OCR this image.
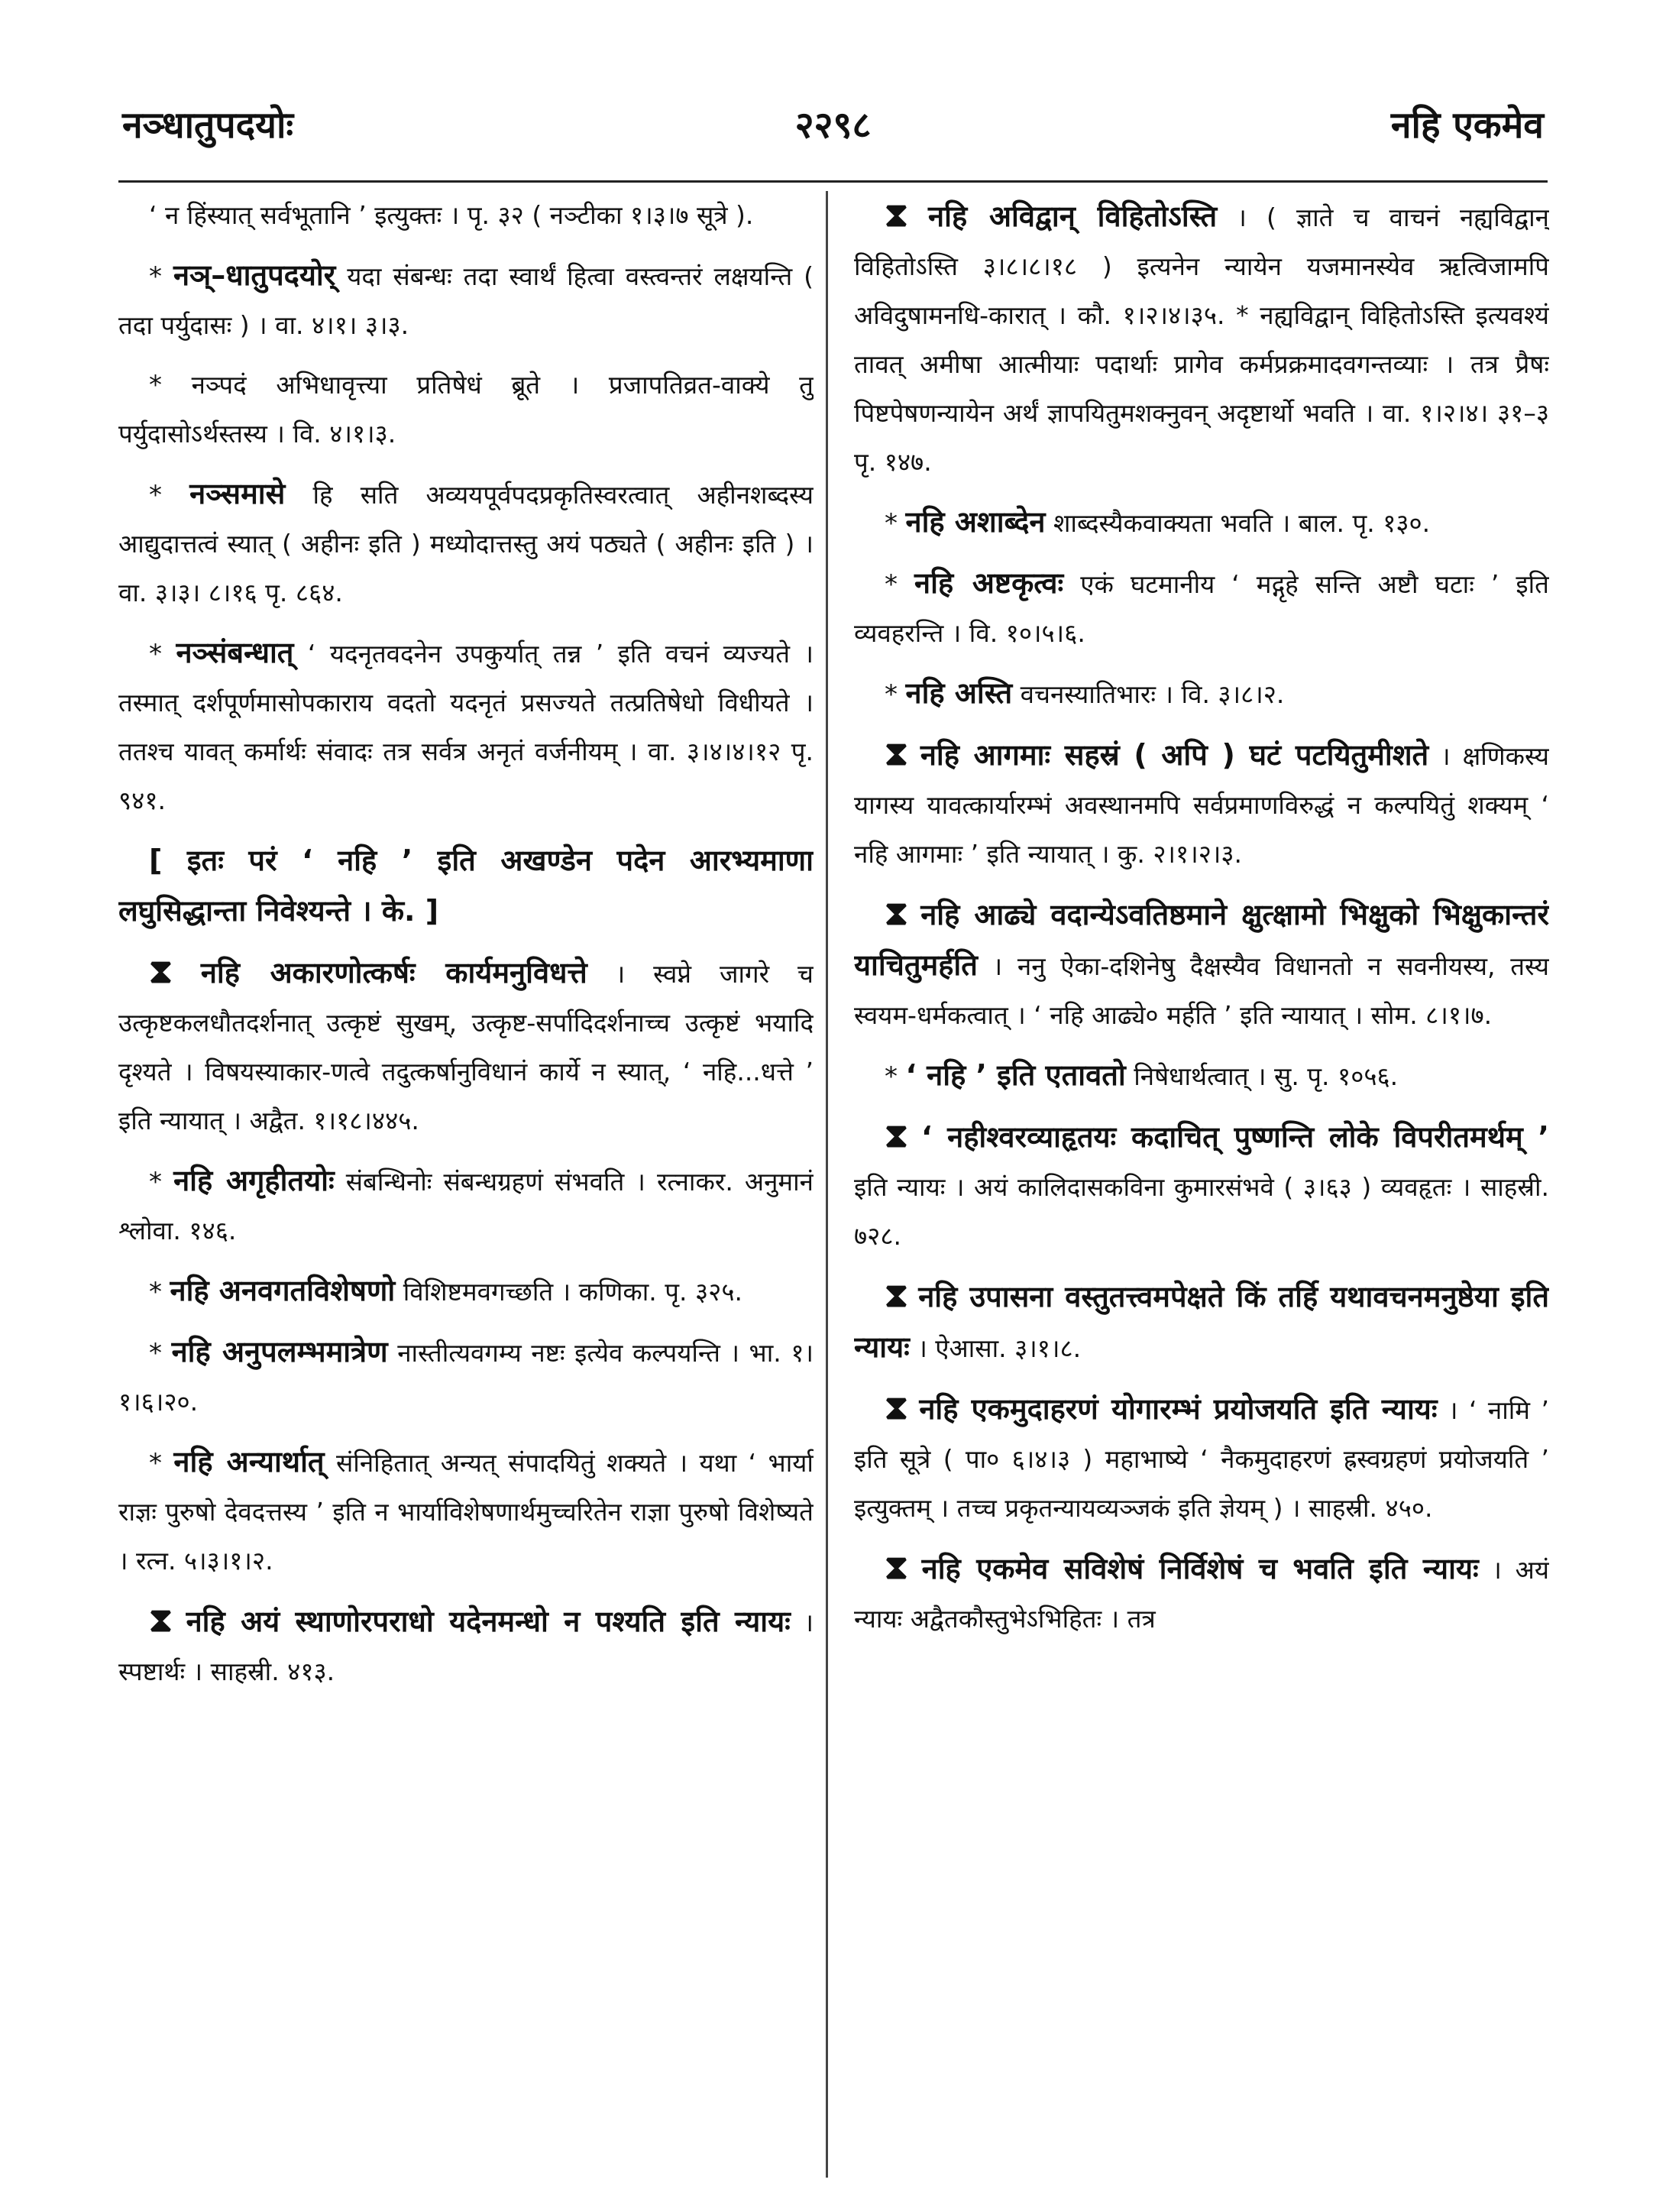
नञ्धातुपदयोः	२२९८	नहि एकमेव

‘ न हिंस्यात् सर्वभूतानि ’ इत्युक्तः । पृ. ३२ ( नञ्टीका १।३।७ सूत्रे ).

* नञ्–धातुपदयोर् यदा संबन्धः तदा स्वार्थं हित्वा वस्त्वन्तरं लक्षयन्ति ( तदा पर्युदासः ) । वा. ४।१। ३।३.

* नञ्पदं अभिधावृत्त्या प्रतिषेधं ब्रूते । प्रजापतिव्रत-वाक्ये तु पर्युदासोऽर्थस्तस्य । वि. ४।१।३.

* नञ्समासे हि सति अव्ययपूर्वपदप्रकृतिस्वरत्वात् अहीनशब्दस्य आद्युदात्तत्वं स्यात् ( अहीनः इति ) मध्योदात्तस्तु अयं पठ्यते ( अहीनः इति ) । वा. ३।३। ८।१६ पृ. ८६४.

* नञ्संबन्धात् ‘ यदनृतवदनेन उपकुर्यात् तन्न ’ इति वचनं व्यज्यते । तस्मात् दर्शपूर्णमासोपकाराय वदतो यदनृतं प्रसज्यते तत्प्रतिषेधो विधीयते । ततश्च यावत् कर्मार्थः संवादः तत्र सर्वत्र अनृतं वर्जनीयम् । वा. ३।४।४।१२ पृ. ९४१.

[ इतः परं ‘ नहि ’ इति अखण्डेन पदेन आरभ्यमाणा लघुसिद्धान्ता निवेश्यन्ते । के. ]

⧗ नहि अकारणोत्कर्षः कार्यमनुविधत्ते । स्वप्ने जागरे च उत्कृष्टकलधौतदर्शनात् उत्कृष्टं सुखम्, उत्कृष्ट-सर्पादिदर्शनाच्च उत्कृष्टं भयादि दृश्यते । विषयस्याकार-णत्वे तदुत्कर्षानुविधानं कार्ये न स्यात्, ‘ नहि...धत्ते ’ इति न्यायात् । अद्वैत. १।१८।४४५.

* नहि अगृहीतयोः संबन्धिनोः संबन्धग्रहणं संभवति । रत्नाकर. अनुमानं श्लोवा. १४६.

* नहि अनवगतविशेषणो विशिष्टमवगच्छति । कणिका. पृ. ३२५.

* नहि अनुपलम्भमात्रेण नास्तीत्यवगम्य नष्टः इत्येव कल्पयन्ति । भा. १।१।६।२०.

* नहि अन्यार्थात् संनिहितात् अन्यत् संपादयितुं शक्यते । यथा ‘ भार्या राज्ञः पुरुषो देवदत्तस्य ’ इति न भार्याविशेषणार्थमुच्चरितेन राज्ञा पुरुषो विशेष्यते । रत्न. ५।३।१।२.

⧗ नहि अयं स्थाणोरपराधो यदेनमन्धो न पश्यति इति न्यायः । स्पष्टार्थः । साहस्री. ४१३.

⧗ नहि अविद्वान् विहितोऽस्ति । ( ज्ञाते च वाचनं नह्यविद्वान् विहितोऽस्ति ३।८।८।१८ ) इत्यनेन न्यायेन यजमानस्येव ऋत्विजामपि अविदुषामनधि-कारात् । कौ. १।२।४।३५. * नह्यविद्वान् विहितोऽस्ति इत्यवश्यं तावत् अमीषा आत्मीयाः पदार्थाः प्रागेव कर्मप्रक्रमादवगन्तव्याः । तत्र प्रैषः पिष्टपेषणन्यायेन अर्थं ज्ञापयितुमशक्नुवन् अदृष्टार्थो भवति । वा. १।२।४। ३१–३ पृ. १४७.

* नहि अशाब्देन शाब्दस्यैकवाक्यता भवति । बाल. पृ. १३०.

* नहि अष्टकृत्वः एकं घटमानीय ‘ मद्गृहे सन्ति अष्टौ घटाः ’ इति व्यवहरन्ति । वि. १०।५।६.

* नहि अस्ति वचनस्यातिभारः । वि. ३।८।२.

⧗ नहि आगमाः सहस्रं ( अपि ) घटं पटयितुमीशते । क्षणिकस्य यागस्य यावत्कार्यारम्भं अवस्थानमपि सर्वप्रमाणविरुद्धं न कल्पयितुं शक्यम् ‘ नहि आगमाः ’ इति न्यायात् । कु. २।१।२।३.

⧗ नहि आढ्ये वदान्येऽवतिष्ठमाने क्षुत्क्षामो भिक्षुको भिक्षुकान्तरं याचितुमर्हति । ननु ऐका-दशिनेषु दैक्षस्यैव विधानतो न सवनीयस्य, तस्य स्वयम-धर्मकत्वात् । ‘ नहि आढ्ये० मर्हति ’ इति न्यायात् । सोम. ८।१।७.

* ‘ नहि ’ इति एतावतो निषेधार्थत्वात् । सु. पृ. १०५६.

⧗ ‘ नहीश्वरव्याहृतयः कदाचित् पुष्णन्ति लोके विपरीतमर्थम् ’ इति न्यायः । अयं कालिदासकविना कुमारसंभवे ( ३।६३ ) व्यवहृतः । साहस्री. ७२८.

⧗ नहि उपासना वस्तुतत्त्वमपेक्षते किं तर्हि यथावचनमनुष्ठेया इति न्यायः । ऐआसा. ३।१।८.

⧗ नहि एकमुदाहरणं योगारम्भं प्रयोजयति इति न्यायः । ‘ नामि ’ इति सूत्रे ( पा० ६।४।३ ) महाभाष्ये ‘ नैकमुदाहरणं ह्रस्वग्रहणं प्रयोजयति ’ इत्युक्तम् । तच्च प्रकृतन्यायव्यञ्जकं इति ज्ञेयम् ) । साहस्री. ४५०.

⧗ नहि एकमेव सविशेषं निर्विशेषं च भवति इति न्यायः । अयं न्यायः अद्वैतकौस्तुभेऽभिहितः । तत्र
